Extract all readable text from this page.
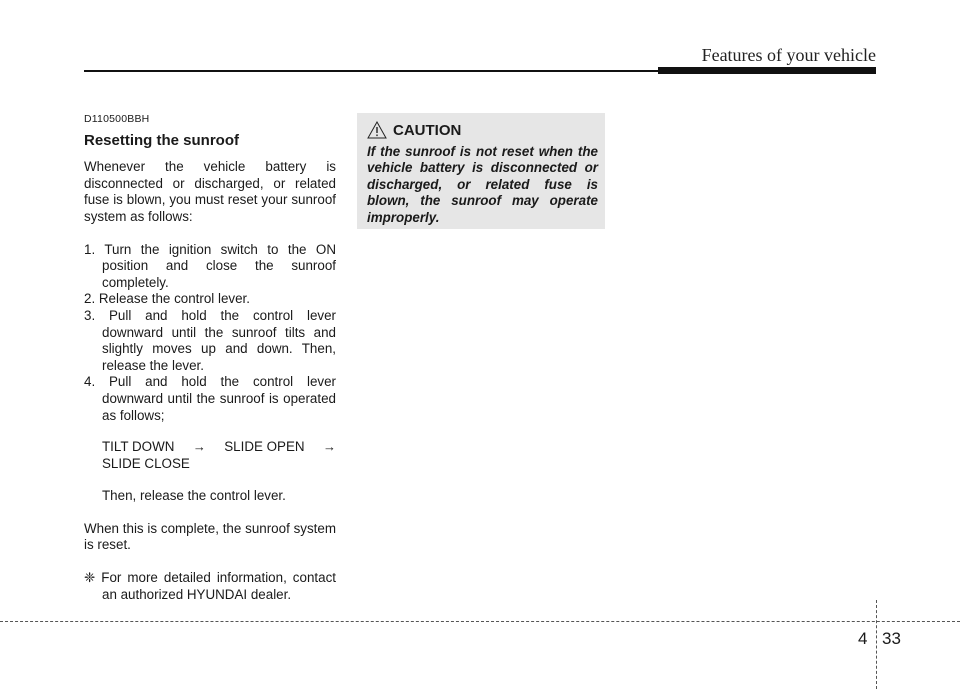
Features of your vehicle
D110500BBH
Resetting the sunroof

Whenever the vehicle battery is disconnected or discharged, or related fuse is blown, you must reset your sunroof system as follows:

1. Turn the ignition switch to the ON position and close the sunroof completely.
2. Release the control lever.
3. Pull and hold the control lever downward until the sunroof tilts and slightly moves up and down. Then, release the lever.
4. Pull and hold the control lever downward until the sunroof is operated as follows;
TILT DOWN → SLIDE OPEN →
SLIDE CLOSE

Then, release the control lever.

When this is complete, the sunroof system is reset.

❈ For more detailed information, contact an authorized HYUNDAI dealer.

CAUTION
If the sunroof is not reset when the vehicle battery is disconnected or discharged, or related fuse is blown, the sunroof may operate improperly.
4 33
